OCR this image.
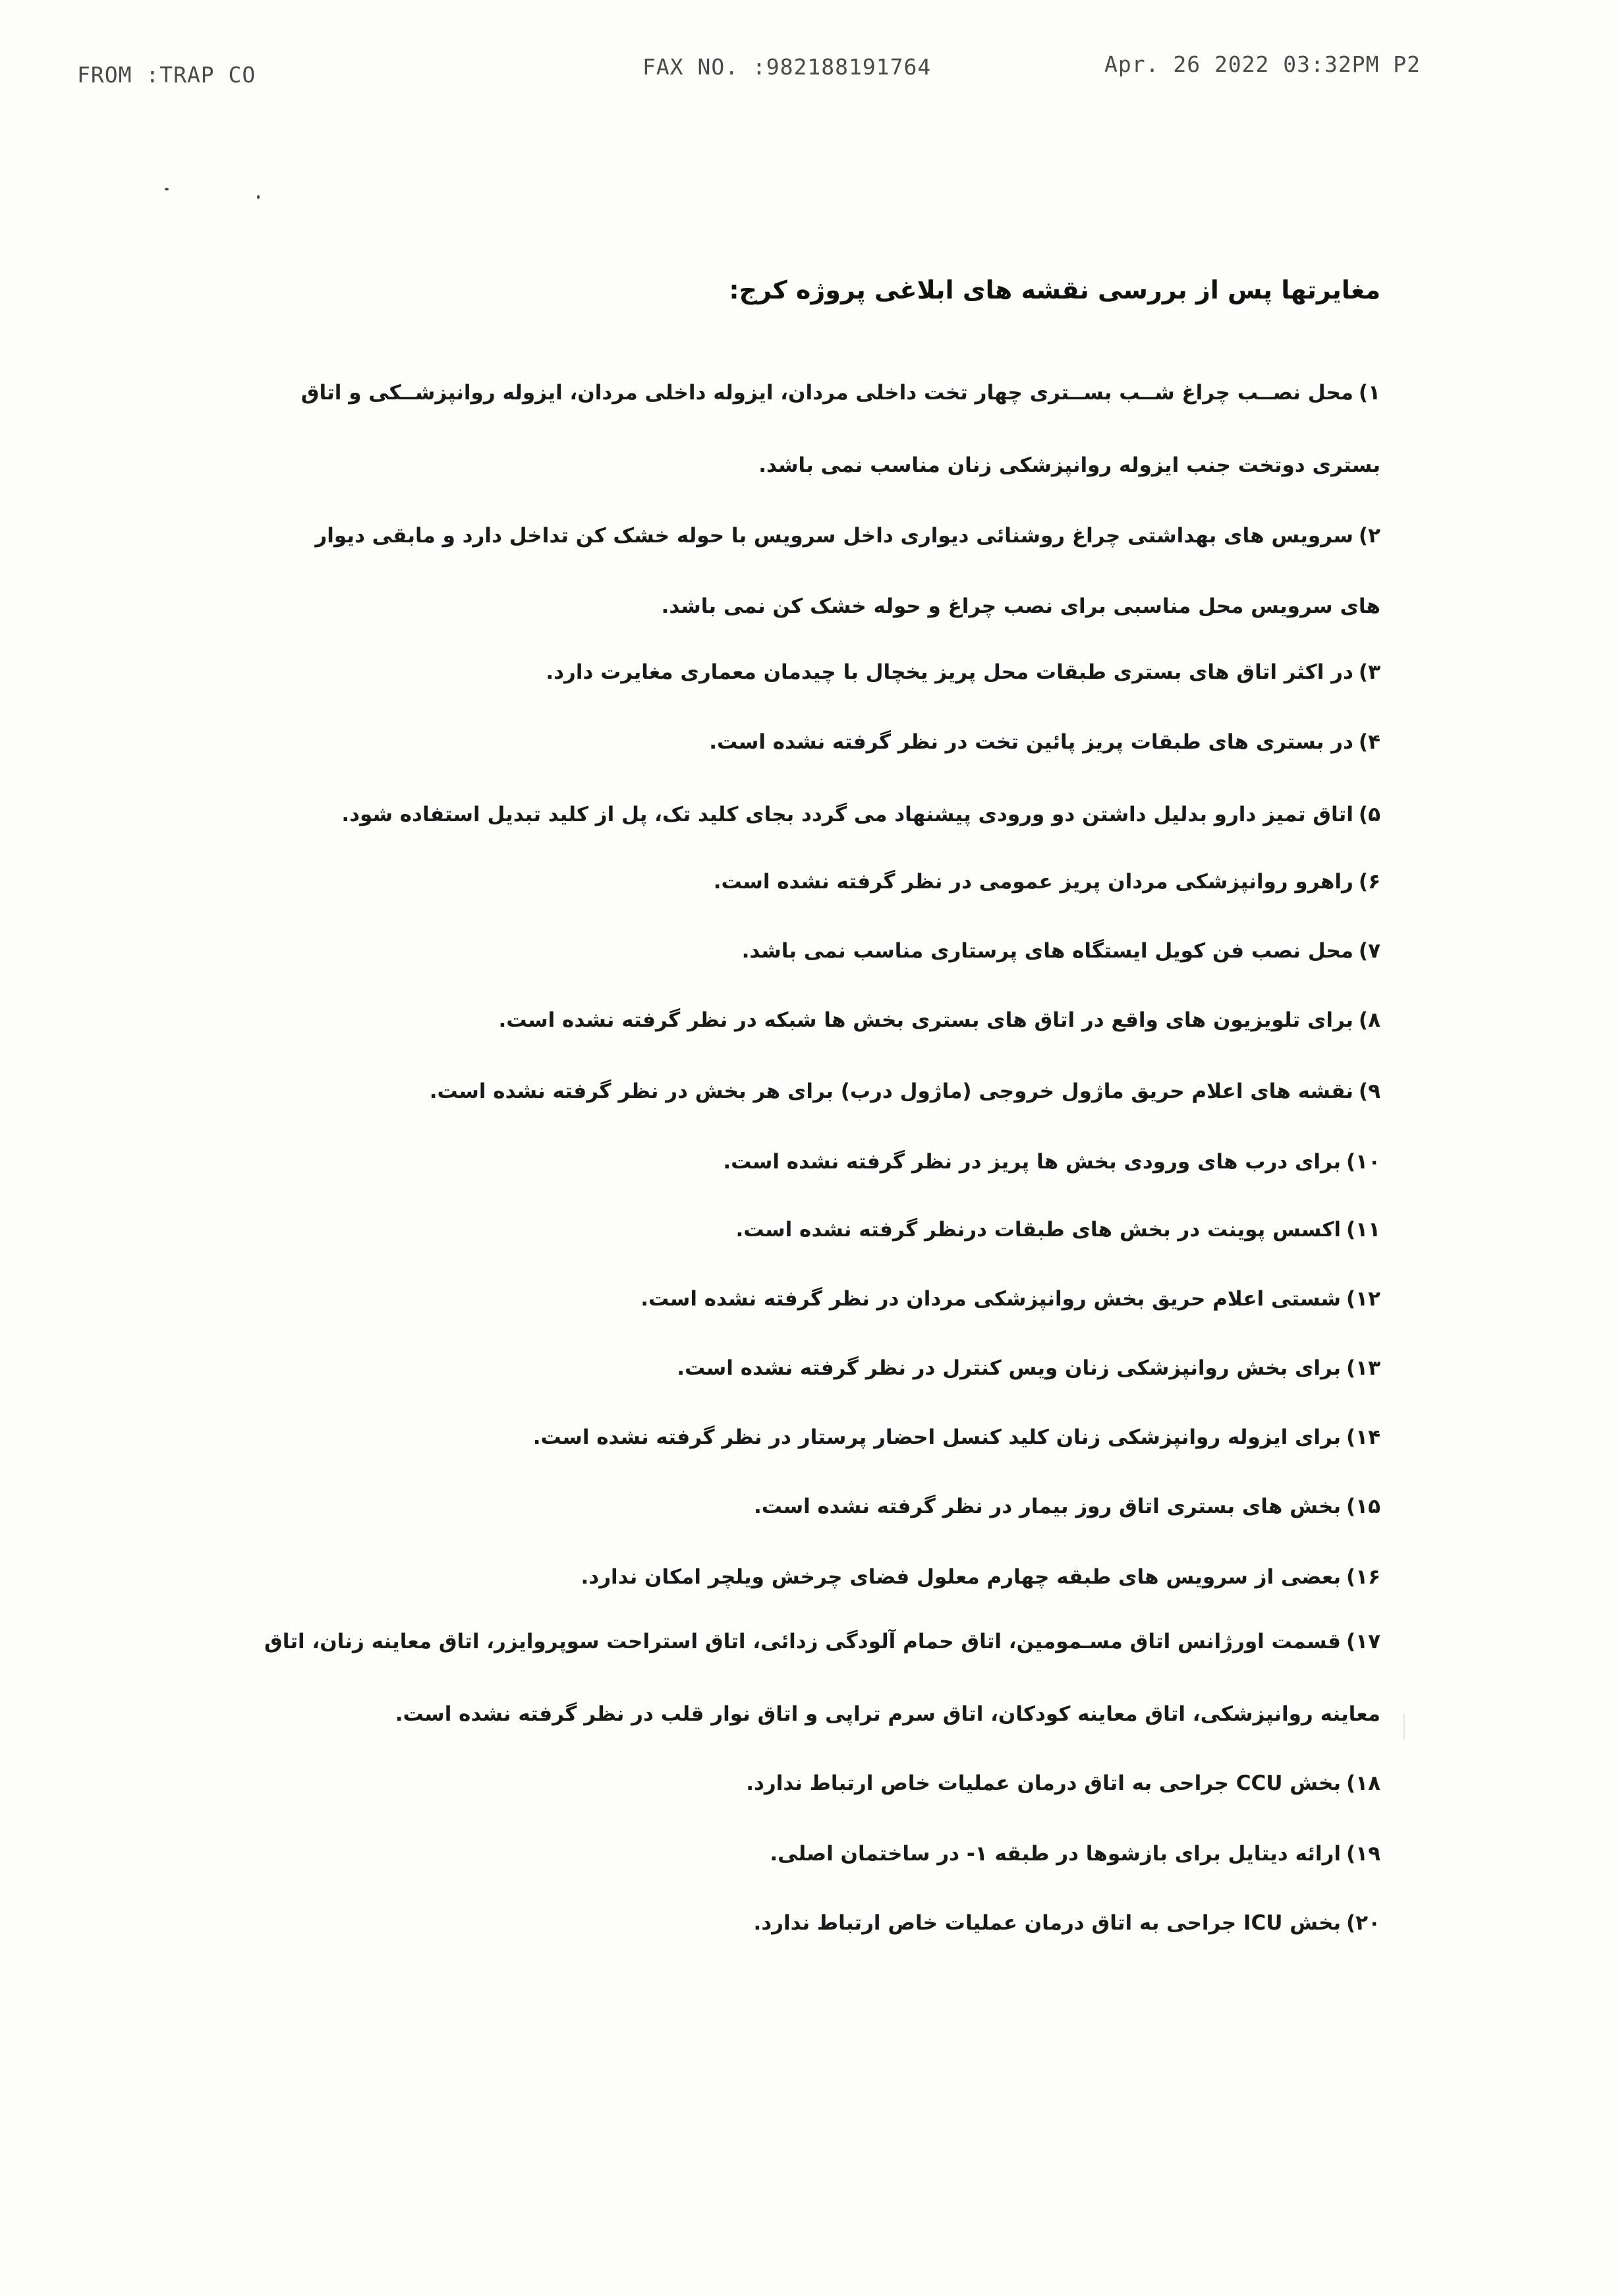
FROM :TRAP CO	FAX NO. :982188191764	Apr. 26 2022 03:32PM P2
مغایرتها پس از بررسی نقشه های ابلاغی پروژه کرج:
۱)محل نصــب چراغ شــب بســتری چهار تخت داخلی مردان، ایزوله داخلی مردان، ایزوله روانپزشــکی و اتاق
بستری دوتخت جنب ایزوله روانپزشکی زنان مناسب نمی باشد.
۲)سرویس های بهداشتی چراغ روشنائی دیواری داخل سرویس با حوله خشک کن تداخل دارد و مابقی دیوار
های سرویس محل مناسبی برای نصب چراغ و حوله خشک کن نمی باشد.
۳)در اکثر اتاق های بستری طبقات محل پریز یخچال با چیدمان معماری مغایرت دارد.
۴)در بستری های طبقات پریز پائین تخت در نظر گرفته نشده است.
۵)اتاق تمیز دارو بدلیل داشتن دو ورودی پیشنهاد می گردد بجای کلید تک، پل از کلید تبدیل استفاده شود.
۶)راهرو روانپزشکی مردان پریز عمومی در نظر گرفته نشده است.
۷)محل نصب فن کویل ایستگاه های پرستاری مناسب نمی باشد.
۸)برای تلویزیون های واقع در اتاق های بستری بخش ها شبکه در نظر گرفته نشده است.
۹)نقشه های اعلام حریق ماژول خروجی (ماژول درب) برای هر بخش در نظر گرفته نشده است.
۱۰)برای درب های ورودی بخش ها پریز در نظر گرفته نشده است.
۱۱)اکسس پوینت در بخش های طبقات درنظر گرفته نشده است.
۱۲)شستی اعلام حریق بخش روانپزشکی مردان در نظر گرفته نشده است.
۱۳)برای بخش روانپزشکی زنان ویس کنترل در نظر گرفته نشده است.
۱۴)برای ایزوله روانپزشکی زنان کلید کنسل احضار پرستار در نظر گرفته نشده است.
۱۵)بخش های بستری اتاق روز بیمار در نظر گرفته نشده است.
۱۶)بعضی از سرویس های طبقه چهارم معلول فضای چرخش ویلچر امکان ندارد.
۱۷)قسمت اورژانس اتاق مسـمومین، اتاق حمام آلودگی زدائی، اتاق استراحت سوپروایزر، اتاق معاینه زنان، اتاق
معاینه روانپزشکی، اتاق معاینه کودکان، اتاق سرم تراپی و اتاق نوار قلب در نظر گرفته نشده است.
۱۸)بخش CCU جراحی به اتاق درمان عملیات خاص ارتباط ندارد.
۱۹)ارائه دیتایل برای بازشوها در طبقه ۱- در ساختمان اصلی.
۲۰)بخش ICU جراحی به اتاق درمان عملیات خاص ارتباط ندارد.
